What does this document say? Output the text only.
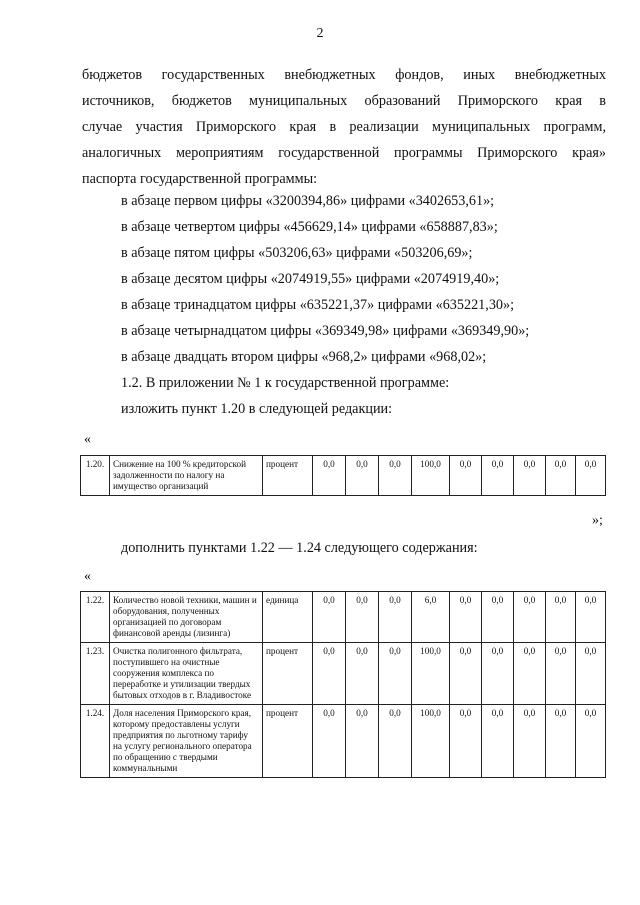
2

бюджетов государственных внебюджетных фондов, иных внебюджетных
источников, бюджетов муниципальных образований Приморского края в
случае участия Приморского края в реализации муниципальных программ,
аналогичных мероприятиям государственной программы Приморского края»
паспорта государственной программы:

в абзаце первом цифры «3200394,86» цифрами «3402653,61»;

в абзаце четвертом цифры «456629,14» цифрами «658887,83»;

в абзаце пятом цифры «503206,63» цифрами «503206,69»;

в абзаце десятом цифры «2074919,55» цифрами «2074919,40»;

в абзаце тринадцатом цифры «635221,37» цифрами «635221,30»;

в абзаце четырнадцатом цифры «369349,98» цифрами «369349,90»;

в абзаце двадцать втором цифры «968,2» цифрами «968,02»;

1.2. В приложении № 1 к государственной программе:

изложить пункт 1.20 в следующей редакции:

«
1.20.	Снижение на 100 % кредиторской задолженности по налогу на имущество организаций	процент	0,0	0,0	0,0	100,0	0,0	0,0	0,0	0,0	0,0
»;

дополнить пунктами 1.22 — 1.24 следующего содержания:

«
1.22.	Количество новой техники, машин и оборудования, полученных организацией по договорам финансовой аренды (лизинга)	единица	0,0	0,0	0,0	6,0	0,0	0,0	0,0	0,0	0,0
1.23.	Очистка полигонного фильтрата, поступившего на очистные сооружения комплекса по переработке и утилизации твердых бытовых отходов в г. Владивостоке	процент	0,0	0,0	0,0	100,0	0,0	0,0	0,0	0,0	0,0
1.24.	Доля населения Приморского края, которому предоставлены услуги предприятия по льготному тарифу на услугу регионального оператора по обращению с твердыми коммунальными	процент	0,0	0,0	0,0	100,0	0,0	0,0	0,0	0,0	0,0
